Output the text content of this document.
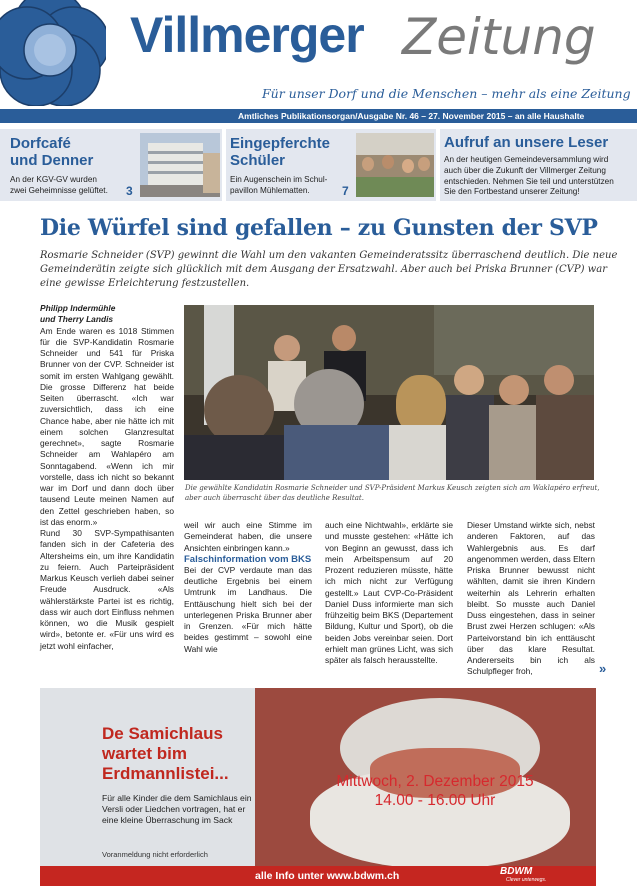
Villmerger Zeitung
Für unser Dorf und die Menschen – mehr als eine Zeitung
Amtliches Publikationsorgan/Ausgabe Nr. 46 – 27. November 2015 – an alle Haushalte
Dorfcafé
und Denner
An der KGV-GV wurden
zwei Geheimnisse gelüftet. 3
Eingepferchte
Schüler
Ein Augenschein im Schul-
pavillon Mühlematten.	7
Aufruf an unsere Leser
An der heutigen Gemeindeversammlung wird
auch über die Zukunft der Villmerger Zeitung
entschieden. Nehmen Sie teil und unterstützen
Sie den Fortbestand unserer Zeitung!
Die Würfel sind gefallen – zu Gunsten der SVP
Rosmarie Schneider (SVP) gewinnt die Wahl um den vakanten Gemeinderatssitz überraschend deutlich. Die neue Gemeinderätin zeigte sich glücklich mit dem Ausgang der Ersatzwahl. Aber auch bei Priska Brunner (CVP) war eine gewisse Erleichterung festzustellen.

Philipp Indermühle

und Therry Landis

Am Ende waren es 1018 Stimmen für die SVP-Kandidatin Rosmarie Schneider und 541 für Priska Brunner von der CVP. Schneider ist somit im ersten Wahlgang gewählt. Die grosse Differenz hat beide Seiten überrascht. «Ich war zuversichtlich, dass ich eine Chance habe, aber nie hätte ich mit einem solchen Glanzresultat gerechnet», sagte Rosmarie Schneider am Wahlapéro am Sonntagabend. «Wenn ich mir vorstelle, dass ich nicht so bekannt war im Dorf und dann doch über tausend Leute meinen Namen auf den Zettel geschrieben haben, so ist das enorm.»

Rund 30 SVP-Sympathisanten fanden sich in der Cafeteria des Altersheims ein, um ihre Kandidatin zu feiern. Auch Parteipräsident Markus Keusch verlieh dabei seiner Freude Ausdruck. «Als wählerstärkste Partei ist es richtig, dass wir auch dort Einfluss nehmen können, wo die Musik gespielt wird», betonte er. «Für uns wird es jetzt wohl einfacher,

Die gewählte Kandidatin Rosmarie Schneider und SVP-Präsident Markus Keusch zeigten sich am Waklapéro erfreut, aber auch überrascht über das deutliche Resultat.

weil wir auch eine Stimme im Gemeinderat haben, die unsere Ansichten einbringen kann.»

Falschinformation vom BKS

Bei der CVP verdaute man das deutliche Ergebnis bei einem Umtrunk im Landhaus. Die Enttäuschung hielt sich bei der unterlegenen Priska Brunner aber in Grenzen. «Für mich hätte beides gestimmt – sowohl eine Wahl wie

auch eine Nichtwahl», erklärte sie und musste gestehen: «Hätte ich von Beginn an gewusst, dass ich mein Arbeitspensum auf 20 Prozent reduzieren müsste, hätte ich mich nicht zur Verfügung gestellt.» Laut CVP-Co-Präsident Daniel Duss informierte man sich frühzeitig beim BKS (Departement Bildung, Kultur und Sport), ob die beiden Jobs vereinbar seien. Dort erhielt man grünes Licht, was sich später als falsch herausstellte.

Dieser Umstand wirkte sich, nebst anderen Faktoren, auf das Wahlergebnis aus. Es darf angenommen werden, dass Eltern Priska Brunner bewusst nicht wählten, damit sie ihren Kindern weiterhin als Lehrerin erhalten bleibt. So musste auch Daniel Duss eingestehen, dass in seiner Brust zwei Herzen schlugen: «Als Parteivorstand bin ich enttäuscht über das klare Resultat. Andererseits bin ich als Schulpfleger froh,	»
De Samichlaus
wartet bim
Erdmannlistei...
Für alle Kinder die dem Samichlaus ein Versli oder Liedchen vortragen, hat er eine kleine Überraschung im Sack
Voranmeldung nicht erforderlich
Mittwoch, 2. Dezember 2015
14.00 - 16.00 Uhr
alle Info unter www.bdwm.ch	BDWM
Clever unterwegs.
